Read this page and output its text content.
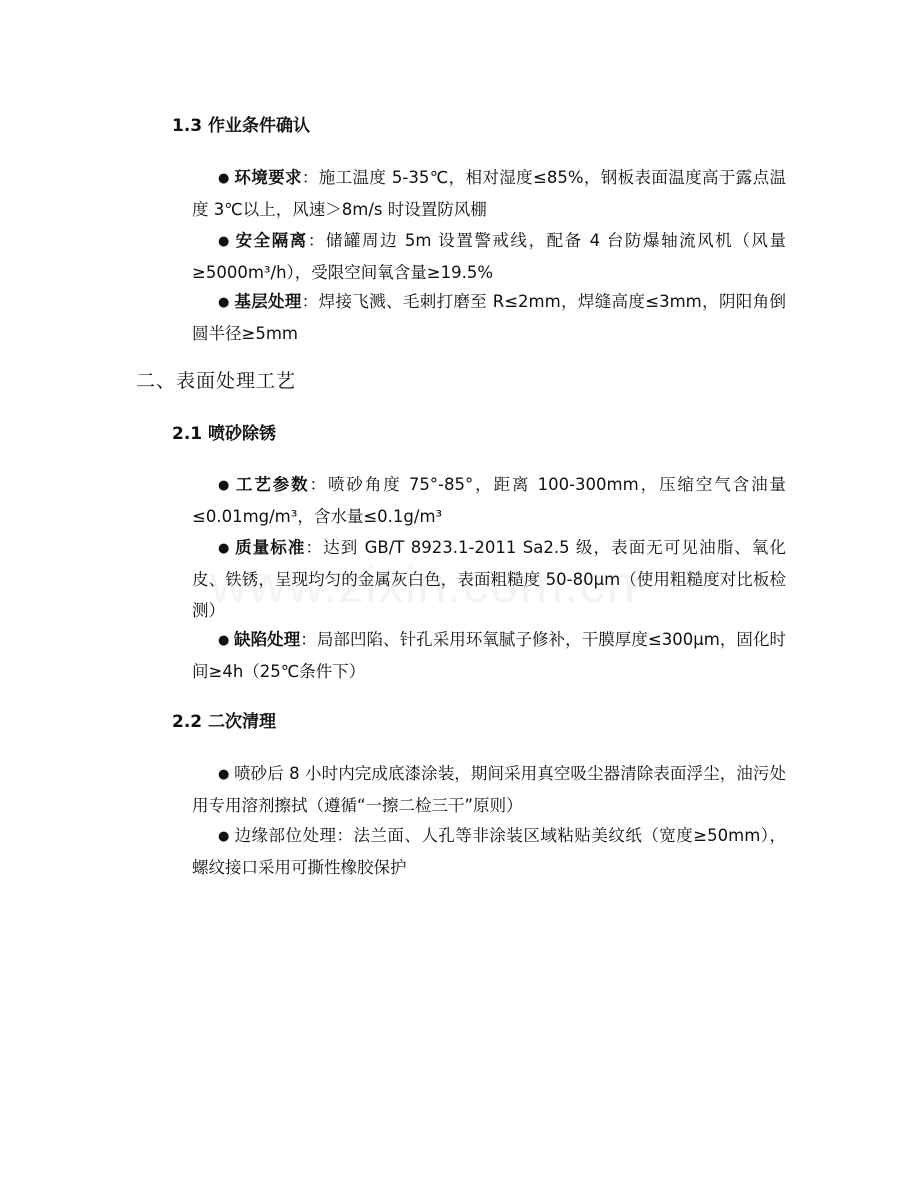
1.3 作业条件确认
● 环境要求：施工温度 5-35℃，相对湿度≤85%，钢板表面温度高于露点温度 3℃以上，风速＞8m/s 时设置防风棚
● 安全隔离：储罐周边 5m 设置警戒线，配备 4 台防爆轴流风机（风量≥5000m³/h），受限空间氧含量≥19.5%
● 基层处理：焊接飞溅、毛刺打磨至 R≤2mm，焊缝高度≤3mm，阴阳角倒圆半径≥5mm
二、表面处理工艺
2.1 喷砂除锈
● 工艺参数：喷砂角度 75°-85°，距离 100-300mm，压缩空气含油量≤0.01mg/m³，含水量≤0.1g/m³
● 质量标准：达到 GB/T 8923.1-2011 Sa2.5 级，表面无可见油脂、氧化皮、铁锈，呈现均匀的金属灰白色，表面粗糙度 50-80μm（使用粗糙度对比板检测）
● 缺陷处理：局部凹陷、针孔采用环氧腻子修补，干膜厚度≤300μm，固化时间≥4h（25℃条件下）
2.2 二次清理
● 喷砂后 8 小时内完成底漆涂装，期间采用真空吸尘器清除表面浮尘，油污处用专用溶剂擦拭（遵循“一擦二检三干”原则）
● 边缘部位处理：法兰面、人孔等非涂装区域粘贴美纹纸（宽度≥50mm），螺纹接口采用可撕性橡胶保护
